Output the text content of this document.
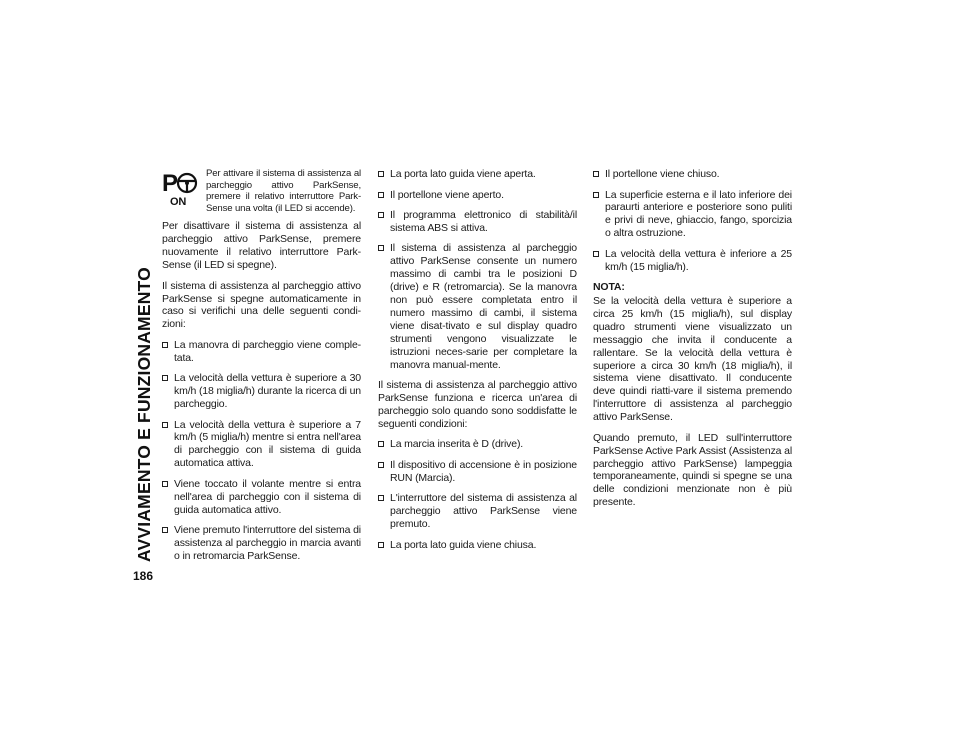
AVVIAMENTO E FUNZIONAMENTO
186
P
ON

Per attivare il sistema di assistenza al parcheggio attivo ParkSense, premere il relativo interruttore Park-Sense una volta (il LED si accende).

Per disattivare il sistema di assistenza al parcheggio attivo ParkSense, premere nuovamente il relativo interruttore Park-Sense (il LED si spegne).

Il sistema di assistenza al parcheggio attivo ParkSense si spegne automaticamente in caso si verifichi una delle seguenti condi-zioni:

La manovra di parcheggio viene comple-tata.
La velocità della vettura è superiore a 30 km/h (18 miglia/h) durante la ricerca di un parcheggio.
La velocità della vettura è superiore a 7 km/h (5 miglia/h) mentre si entra nell'area di parcheggio con il sistema di guida automatica attiva.
Viene toccato il volante mentre si entra nell'area di parcheggio con il sistema di guida automatica attivo.
Viene premuto l'interruttore del sistema di assistenza al parcheggio in marcia avanti o in retromarcia ParkSense.
La porta lato guida viene aperta.
Il portellone viene aperto.
Il programma elettronico di stabilità/il sistema ABS si attiva.
Il sistema di assistenza al parcheggio attivo ParkSense consente un numero massimo di cambi tra le posizioni D (drive) e R (retromarcia). Se la manovra non può essere completata entro il numero massimo di cambi, il sistema viene disat-tivato e sul display quadro strumenti vengono visualizzate le istruzioni neces-sarie per completare la manovra manual-mente.

Il sistema di assistenza al parcheggio attivo ParkSense funziona e ricerca un'area di parcheggio solo quando sono soddisfatte le seguenti condizioni:

La marcia inserita è D (drive).
Il dispositivo di accensione è in posizione RUN (Marcia).
L'interruttore del sistema di assistenza al parcheggio attivo ParkSense viene premuto.
La porta lato guida viene chiusa.
Il portellone viene chiuso.
La superficie esterna e il lato inferiore dei paraurti anteriore e posteriore sono puliti e privi di neve, ghiaccio, fango, sporcizia o altra ostruzione.
La velocità della vettura è inferiore a 25 km/h (15 miglia/h).

NOTA:

Se la velocità della vettura è superiore a circa 25 km/h (15 miglia/h), sul display quadro strumenti viene visualizzato un messaggio che invita il conducente a rallentare. Se la velocità della vettura è superiore a circa 30 km/h (18 miglia/h), il sistema viene disattivato. Il conducente deve quindi riatti-vare il sistema premendo l'interruttore di assistenza al parcheggio attivo ParkSense.

Quando premuto, il LED sull'interruttore ParkSense Active Park Assist (Assistenza al parcheggio attivo ParkSense) lampeggia temporaneamente, quindi si spegne se una delle condizioni menzionate non è più presente.
